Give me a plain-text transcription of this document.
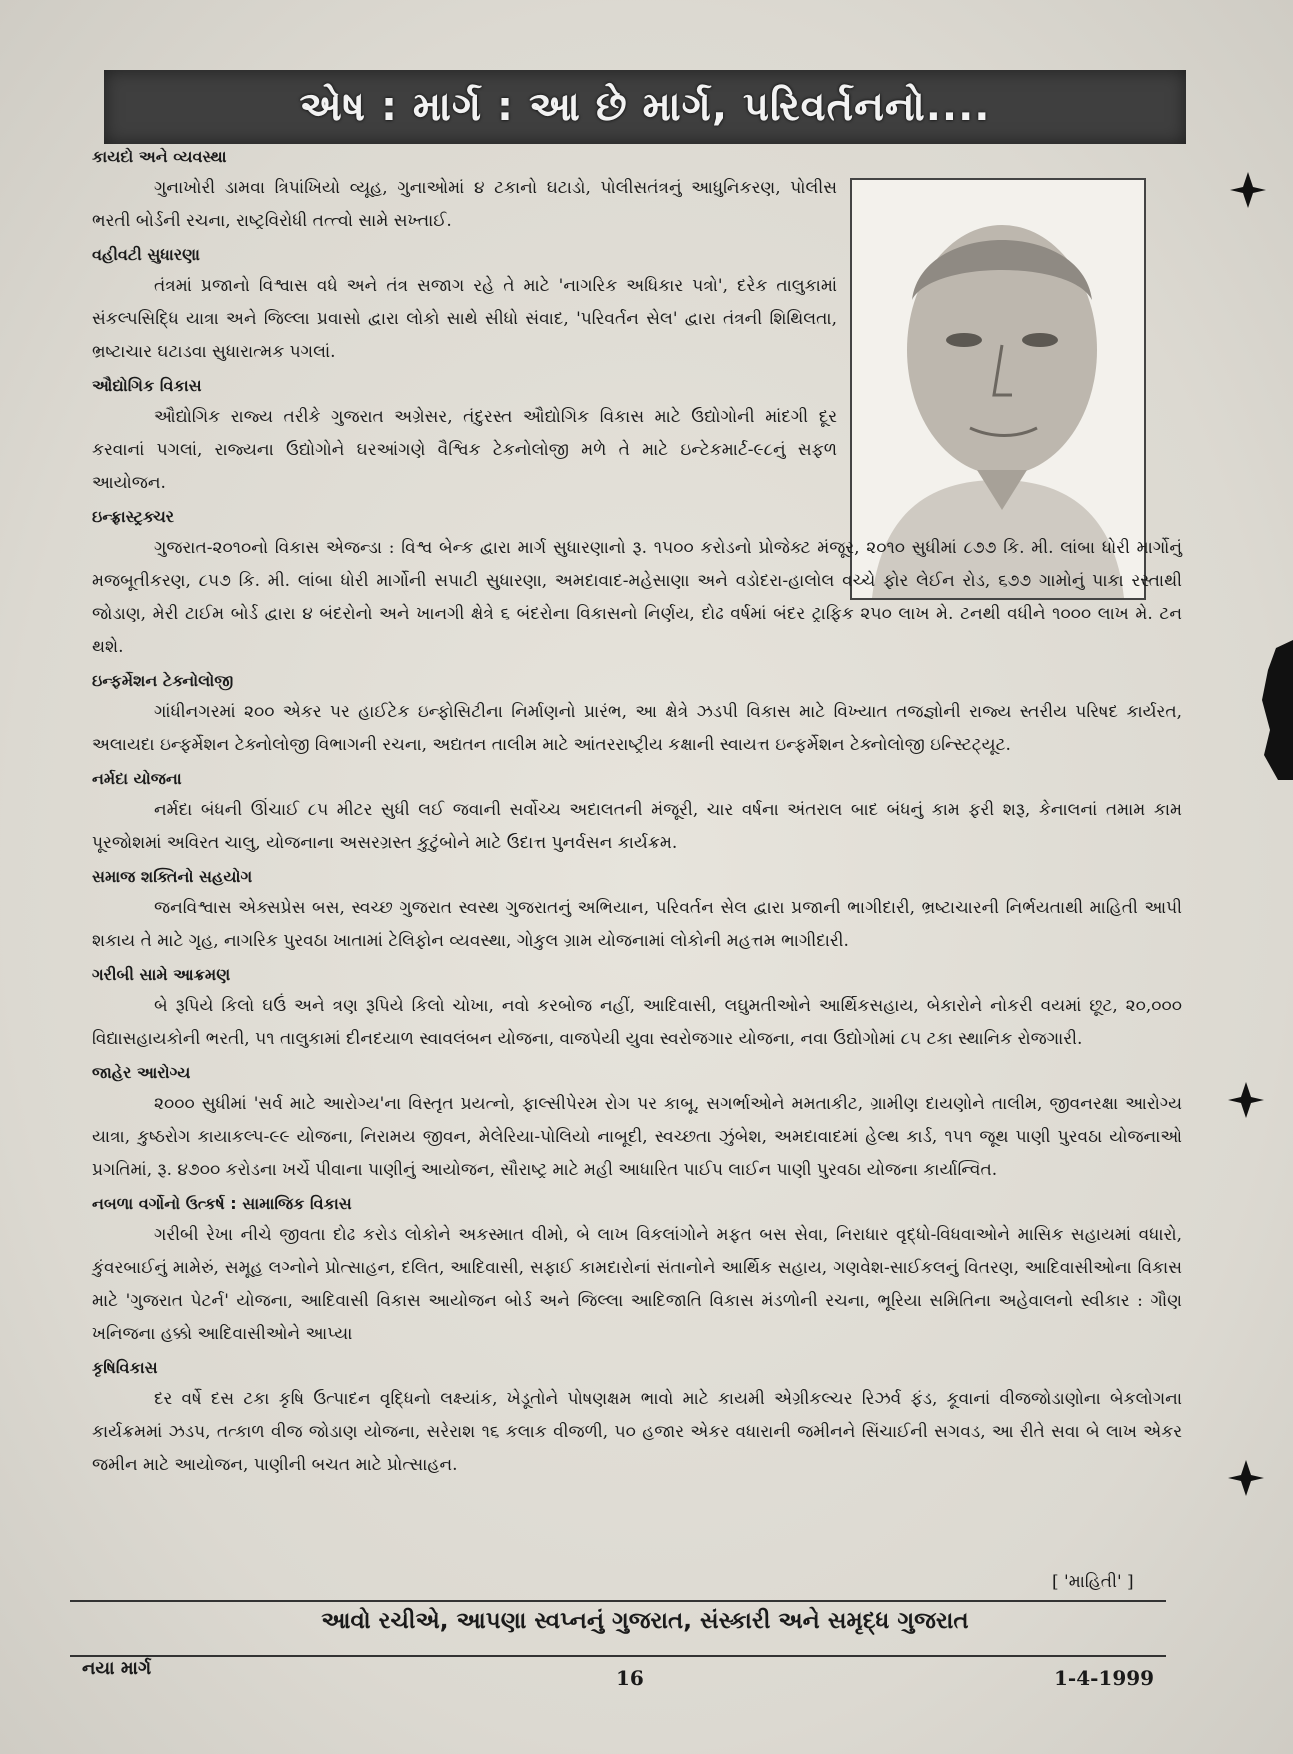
એષ : માર્ગ : આ છે માર્ગ, પરિવર્તનનો....
કાયદો અને વ્યવસ્થા

ગુનાખોરી ડામવા ત્રિપાંખિયો વ્યૂહ, ગુનાઓમાં ૪ ટકાનો ઘટાડો, પોલીસતંત્રનું આધુનિકરણ, પોલીસ ભરતી બોર્ડની રચના, રાષ્ટ્રવિરોધી તત્ત્વો સામે સખ્તાઈ.

વહીવટી સુધારણા

તંત્રમાં પ્રજાનો વિશ્વાસ વધે અને તંત્ર સજાગ રહે તે માટે 'નાગરિક અધિકાર પત્રો', દરેક તાલુકામાં સંકલ્પસિદ્ધિ યાત્રા અને જિલ્લા પ્રવાસો દ્વારા લોકો સાથે સીધો સંવાદ, 'પરિવર્તન સેલ' દ્વારા તંત્રની શિથિલતા, ભ્રષ્ટાચાર ઘટાડવા સુધારાત્મક પગલાં.

ઔદ્યોગિક વિકાસ

ઔદ્યોગિક રાજ્ય તરીકે ગુજરાત અગ્રેસર, તંદુરસ્ત ઔદ્યોગિક વિકાસ માટે ઉદ્યોગોની માંદગી દૂર કરવાનાં પગલાં, રાજ્યના ઉદ્યોગોને ઘરઆંગણે વૈશ્વિક ટેકનોલોજી મળે તે માટે ઇન્ટેકમાર્ટ-૯૮નું સફળ આયોજન.

ઇન્ફ્રાસ્ટ્રક્ચર

ગુજરાત-૨૦૧૦નો વિકાસ એજન્ડા : વિશ્વ બેન્ક દ્વારા માર્ગ સુધારણાનો રૂ. ૧૫૦૦ કરોડનો પ્રોજેક્ટ મંજૂર, ૨૦૧૦ સુધીમાં ૮૭૭ કિ. મી. લાંબા ધોરી માર્ગોનું મજબૂતીકરણ, ૮૫૭ કિ. મી. લાંબા ધોરી માર્ગોની સપાટી સુધારણા, અમદાવાદ-મહેસાણા અને વડોદરા-હાલોલ વચ્ચે ફોર લેઈન રોડ, ૬૭૭ ગામોનું પાકા રસ્તાથી જોડાણ, મેરી ટાઈમ બોર્ડ દ્વારા ૪ બંદરોનો અને ખાનગી ક્ષેત્રે ૬ બંદરોના વિકાસનો નિર્ણય, દોઢ વર્ષમાં બંદર ટ્રાફિક ૨૫૦ લાખ મે. ટનથી વધીને ૧૦૦૦ લાખ મે. ટન થશે.

ઇન્ફર્મેશન ટેક્નોલોજી

ગાંધીનગરમાં ૨૦૦ એકર પર હાઈટેક ઇન્ફોસિટીના નિર્માણનો પ્રારંભ, આ ક્ષેત્રે ઝડપી વિકાસ માટે વિખ્યાત તજજ્ઞોની રાજ્ય સ્તરીય પરિષદ કાર્યરત, અલાયદા ઇન્ફર્મેશન ટેક્નોલોજી વિભાગની રચના, અદ્યતન તાલીમ માટે આંતરરાષ્ટ્રીય કક્ષાની સ્વાયત્ત ઇન્ફર્મેશન ટેક્નોલોજી ઇન્સ્ટિટ્યૂટ.

નર્મદા યોજના

નર્મદા બંધની ઊંચાઈ ૮૫ મીટર સુધી લઈ જવાની સર્વોચ્ચ અદાલતની મંજૂરી, ચાર વર્ષના અંતરાલ બાદ બંધનું કામ ફરી શરૂ, કેનાલનાં તમામ કામ પૂરજોશમાં અવિરત ચાલુ, યોજનાના અસરગ્રસ્ત કુટુંબોને માટે ઉદાત્ત પુનર્વસન કાર્યક્રમ.

સમાજ શક્તિનો સહયોગ

જનવિશ્વાસ એક્સપ્રેસ બસ, સ્વચ્છ ગુજરાત સ્વસ્થ ગુજરાતનું અભિયાન, પરિવર્તન સેલ દ્વારા પ્રજાની ભાગીદારી, ભ્રષ્ટાચારની નિર્ભયતાથી માહિતી આપી શકાય તે માટે ગૃહ, નાગરિક પુરવઠા ખાતામાં ટેલિફોન વ્યવસ્થા, ગોકુલ ગ્રામ યોજનામાં લોકોની મહત્તમ ભાગીદારી.

ગરીબી સામે આક્રમણ

બે રૂપિયે કિલો ઘઉં અને ત્રણ રૂપિયે કિલો ચોખા, નવો કરબોજ નહીં, આદિવાસી, લઘુમતીઓને આર્થિકસહાય, બેકારોને નોકરી વયમાં છૂટ, ૨૦,૦૦૦ વિદ્યાસહાયકોની ભરતી, ૫૧ તાલુકામાં દીનદયાળ સ્વાવલંબન યોજના, વાજપેયી યુવા સ્વરોજગાર યોજના, નવા ઉદ્યોગોમાં ૮૫ ટકા સ્થાનિક રોજગારી.

જાહેર આરોગ્ય

૨૦૦૦ સુધીમાં 'સર્વ માટે આરોગ્ય'ના વિસ્તૃત પ્રયત્નો, ફાલ્સીપેરમ રોગ પર કાબૂ, સગર્ભાઓને મમતાકીટ, ગ્રામીણ દાયણોને તાલીમ, જીવનરક્ષા આરોગ્ય યાત્રા, કુષ્ઠરોગ કાયાકલ્પ-૯૯ યોજના, નિરામય જીવન, મેલેરિયા-પોલિયો નાબૂદી, સ્વચ્છતા ઝુંબેશ, અમદાવાદમાં હેલ્થ કાર્ડ, ૧૫૧ જૂથ પાણી પુરવઠા યોજનાઓ પ્રગતિમાં, રૂ. ૪૭૦૦ કરોડના ખર્ચે પીવાના પાણીનું આયોજન, સૌરાષ્ટ્ર માટે મહી આધારિત પાઈપ લાઈન પાણી પુરવઠા યોજના કાર્યાન્વિત.

નબળા વર્ગોનો ઉત્કર્ષ : સામાજિક વિકાસ

ગરીબી રેખા નીચે જીવતા દોઢ કરોડ લોકોને અકસ્માત વીમો, બે લાખ વિકલાંગોને મફત બસ સેવા, નિરાધાર વૃદ્ધો-વિધવાઓને માસિક સહાયમાં વધારો, કુંવરબાઈનું મામેરું, સમૂહ લગ્નોને પ્રોત્સાહન, દલિત, આદિવાસી, સફાઈ કામદારોનાં સંતાનોને આર્થિક સહાય, ગણવેશ-સાઈકલનું વિતરણ, આદિવાસીઓના વિકાસ માટે 'ગુજરાત પેટર્ન' યોજના, આદિવાસી વિકાસ આયોજન બોર્ડ અને જિલ્લા આદિજાતિ વિકાસ મંડળોની રચના, ભૂરિયા સમિતિના અહેવાલનો સ્વીકાર : ગૌણ ખનિજના હક્કો આદિવાસીઓને આપ્યા

કૃષિવિકાસ

દર વર્ષે દસ ટકા કૃષિ ઉત્પાદન વૃદ્ધિનો લક્ષ્યાંક, ખેડૂતોને પોષણક્ષમ ભાવો માટે કાયમી એગ્રીકલ્ચર રિઝર્વ ફંડ, કૂવાનાં વીજજોડાણોના બેકલોગના કાર્યક્રમમાં ઝડપ, તત્કાળ વીજ જોડાણ યોજના, સરેરાશ ૧૬ કલાક વીજળી, ૫૦ હજાર એકર વધારાની જમીનને સિંચાઈની સગવડ, આ રીતે સવા બે લાખ એકર જમીન માટે આયોજન, પાણીની બચત માટે પ્રોત્સાહન.

[ 'માહિતી' ]
આવો રચીએ, આપણા સ્વપ્નનું ગુજરાત, સંસ્કારી અને સમૃદ્ધ ગુજરાત
નયા માર્ગ	16	1-4-1999
